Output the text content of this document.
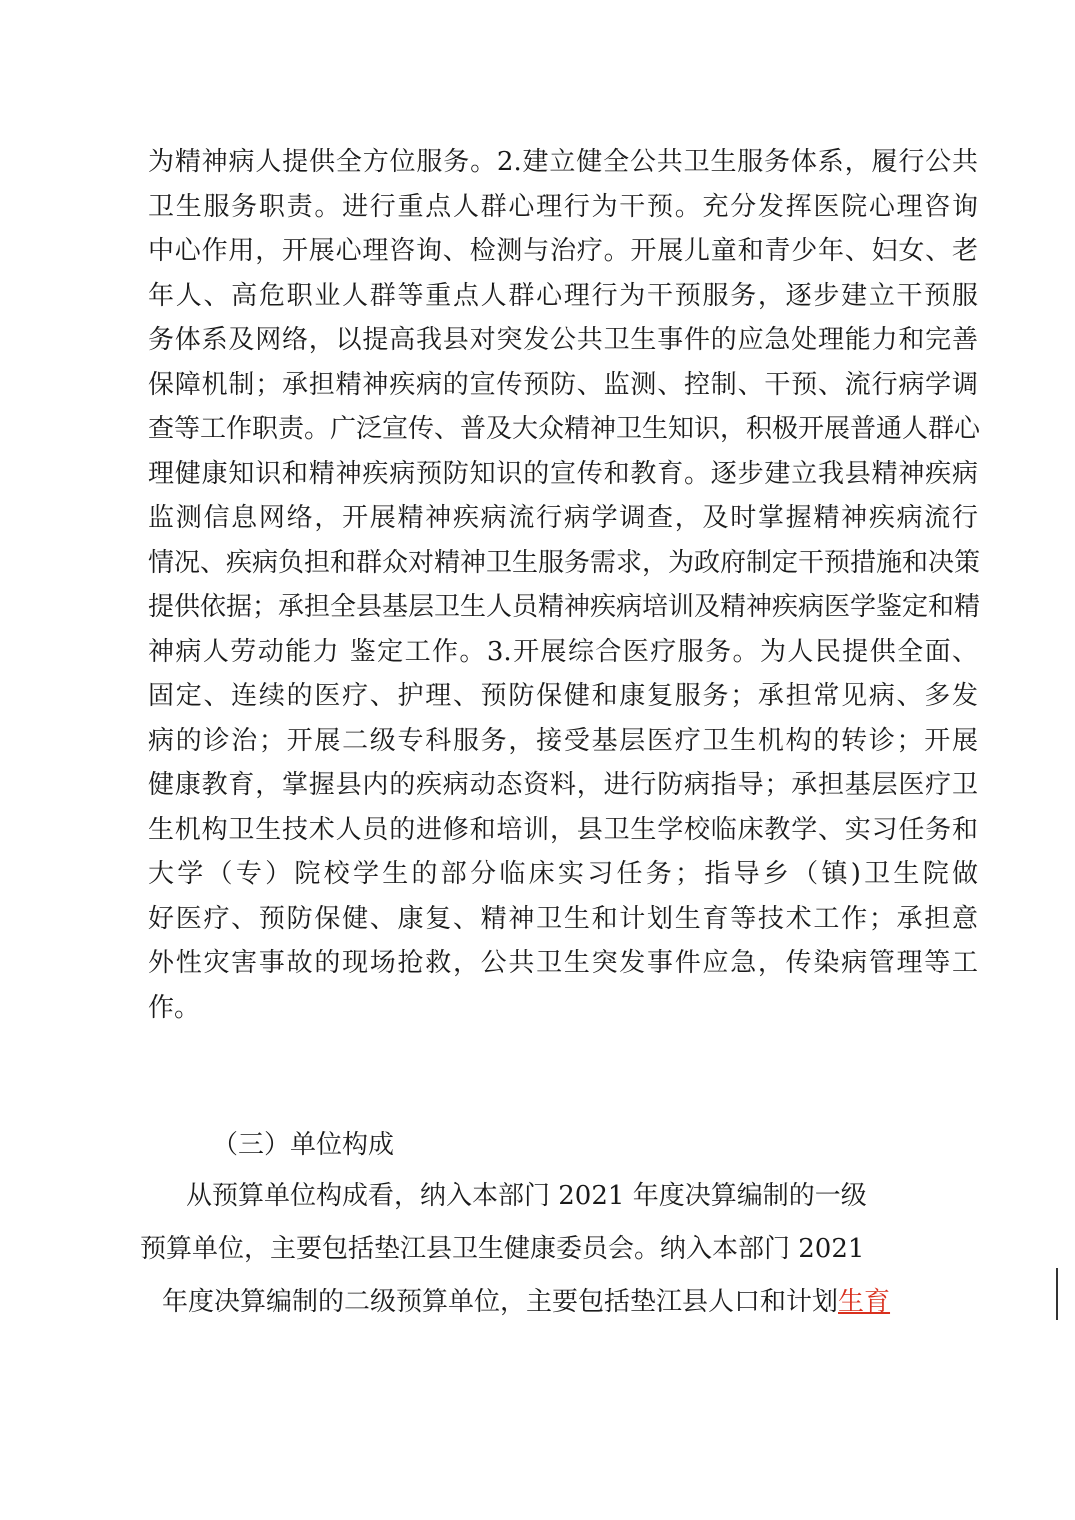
为精神病人提供全方位服务。2.建立健全公共卫生服务体系，履行公共
卫生服务职责。进行重点人群心理行为干预。充分发挥医院心理咨询
中心作用，开展心理咨询、检测与治疗。开展儿童和青少年、妇女、老
年人、高危职业人群等重点人群心理行为干预服务，逐步建立干预服
务体系及网络，以提高我县对突发公共卫生事件的应急处理能力和完善
保障机制；承担精神疾病的宣传预防、监测、控制、干预、流行病学调
查等工作职责。广泛宣传、普及大众精神卫生知识，积极开展普通人群心
理健康知识和精神疾病预防知识的宣传和教育。逐步建立我县精神疾病
监测信息网络，开展精神疾病流行病学调查，及时掌握精神疾病流行
情况、疾病负担和群众对精神卫生服务需求，为政府制定干预措施和决策
提供依据；承担全县基层卫生人员精神疾病培训及精神疾病医学鉴定和精
神病人劳动能力 鉴定工作。3.开展综合医疗服务。为人民提供全面、
固定、连续的医疗、护理、预防保健和康复服务；承担常见病、多发
病的诊治；开展二级专科服务，接受基层医疗卫生机构的转诊；开展
健康教育，掌握县内的疾病动态资料，进行防病指导；承担基层医疗卫
生机构卫生技术人员的进修和培训，县卫生学校临床教学、实习任务和
大学（专）院校学生的部分临床实习任务；指导乡（镇)卫生院做
好医疗、预防保健、康复、精神卫生和计划生育等技术工作；承担意
外性灾害事故的现场抢救，公共卫生突发事件应急，传染病管理等工
作。
（三）单位构成
从预算单位构成看，纳入本部门 2021 年度决算编制的一级
预算单位，主要包括垫江县卫生健康委员会。纳入本部门 2021
年度决算编制的二级预算单位，主要包括垫江县人口和计划生育
